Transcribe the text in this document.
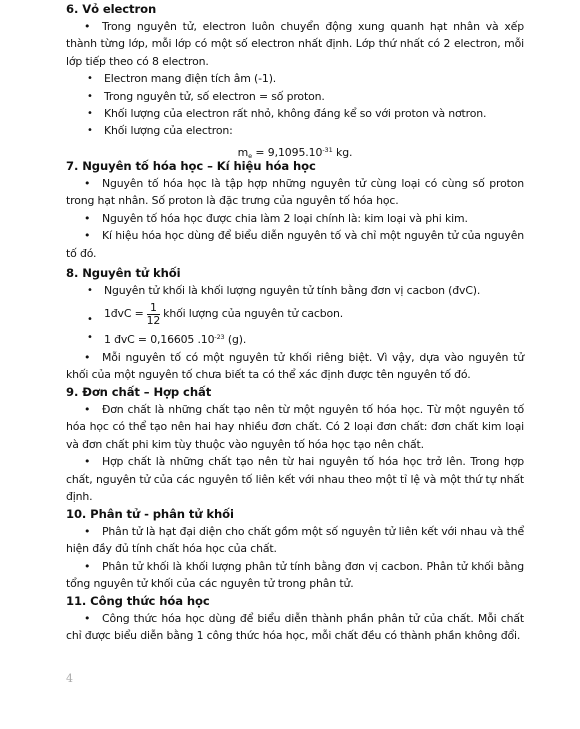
6. Vỏ electron

• Trong nguyên tử, electron luôn chuyển động xung quanh hạt nhân và xếp thành từng lớp, mỗi lớp có một số electron nhất định. Lớp thứ nhất có 2 electron, mỗi lớp tiếp theo có 8 electron.

• Electron mang điện tích âm (-1).
• Trong nguyên tử, số electron = số proton.
• Khối lượng của electron rất nhỏ, không đáng kể so với proton và nơtron.
• Khối lượng của electron:
$m_e = 9,1095.10^{-31}$ kg.
7. Nguyên tố hóa học – Kí hiệu hóa học

• Nguyên tố hóa học là tập hợp những nguyên tử cùng loại có cùng số proton trong hạt nhân. Số proton là đặc trưng của nguyên tố hóa học.

• Nguyên tố hóa học được chia làm 2 loại chính là: kim loại và phi kim.

• Kí hiệu hóa học dùng để biểu diễn nguyên tố và chỉ một nguyên tử của nguyên tố đó.

8. Nguyên tử khối
• Nguyên tử khối là khối lượng nguyên tử tính bằng đơn vị cacbon (đvC).
• 1đvC = $\frac{1}{12}$ khối lượng của nguyên tử cacbon.
• 1 đvC = 0,16605 $.10^{-23}$ (g).

• Mỗi nguyên tố có một nguyên tử khối riêng biệt. Vì vậy, dựa vào nguyên tử khối của một nguyên tố chưa biết ta có thể xác định được tên nguyên tố đó.

9. Đơn chất – Hợp chất

• Đơn chất là những chất tạo nên từ một nguyên tố hóa học. Từ một nguyên tố hóa học có thể tạo nên hai hay nhiều đơn chất. Có 2 loại đơn chất: đơn chất kim loại và đơn chất phi kim tùy thuộc vào nguyên tố hóa học tạo nên chất.

• Hợp chất là những chất tạo nên từ hai nguyên tố hóa học trở lên. Trong hợp chất, nguyên tử của các nguyên tố liên kết với nhau theo một tỉ lệ và một thứ tự nhất định.

10. Phân tử - phân tử khối

• Phân tử là hạt đại diện cho chất gồm một số nguyên tử liên kết với nhau và thể hiện đầy đủ tính chất hóa học của chất.

• Phân tử khối là khối lượng phân tử tính bằng đơn vị cacbon. Phân tử khối bằng tổng nguyên tử khối của các nguyên tử trong phân tử.

11. Công thức hóa học

• Công thức hóa học dùng để biểu diễn thành phần phân tử của chất. Mỗi chất chỉ được biểu diễn bằng 1 công thức hóa học, mỗi chất đều có thành phần không đổi.

4
